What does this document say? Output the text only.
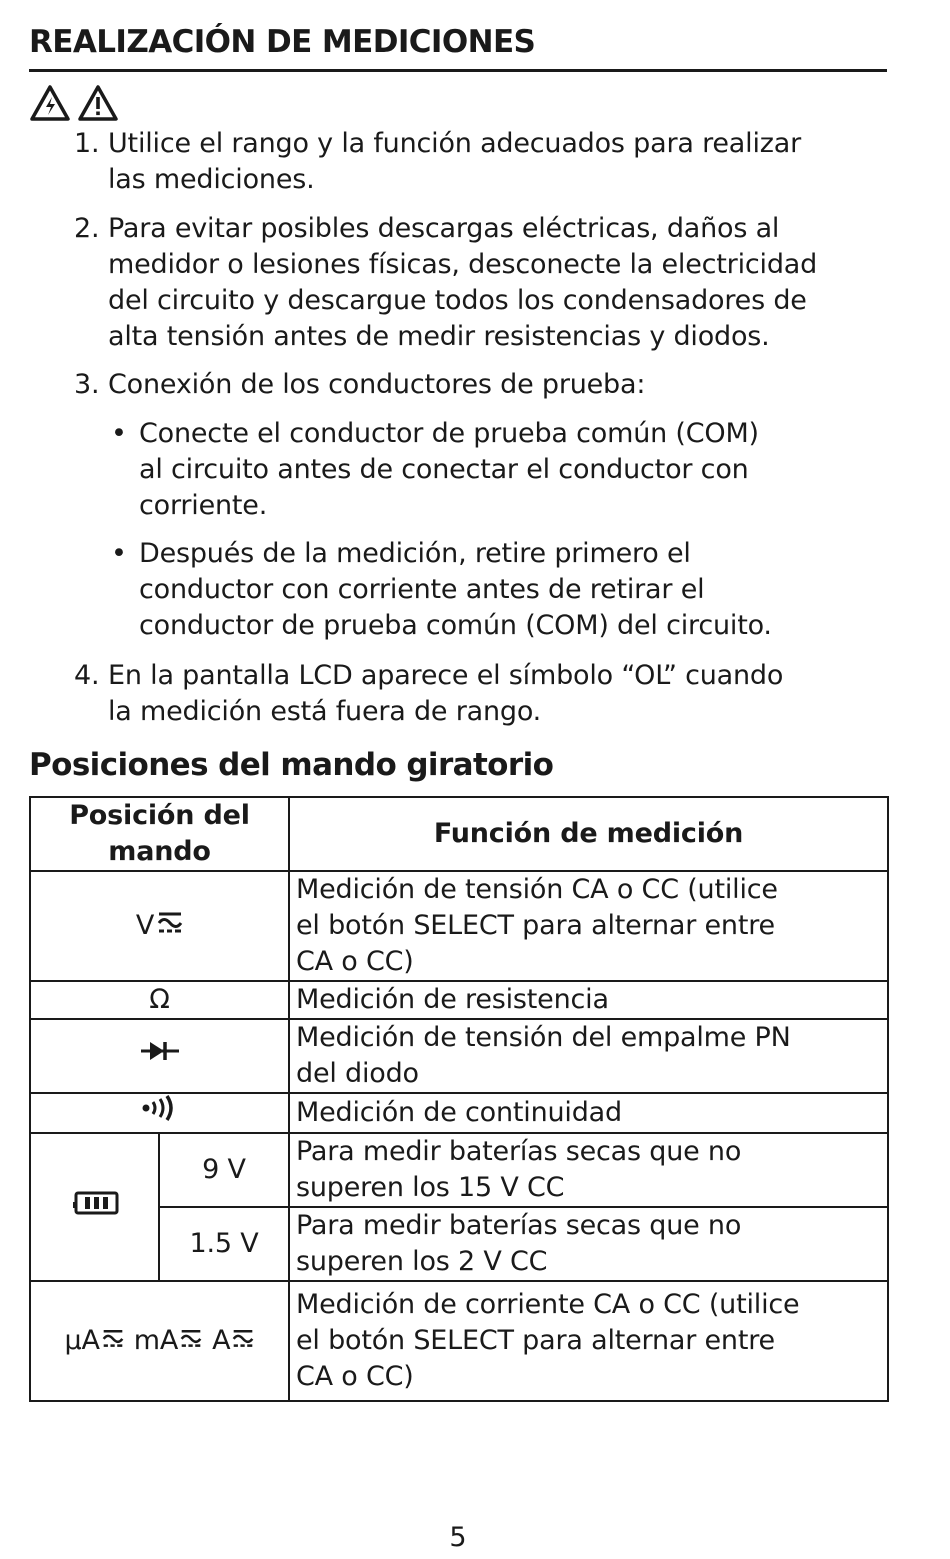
REALIZACIÓN DE MEDICIONES
1. Utilice el rango y la función adecuados para realizar
las mediciones.
2. Para evitar posibles descargas eléctricas, daños al
medidor o lesiones físicas, desconecte la electricidad
del circuito y descargue todos los condensadores de
alta tensión antes de medir resistencias y diodos.
3. Conexión de los conductores de prueba:
• Conecte el conductor de prueba común (COM)
al circuito antes de conectar el conductor con
corriente.
• Después de la medición, retire primero el
conductor con corriente antes de retirar el
conductor de prueba común (COM) del circuito.
4. En la pantalla LCD aparece el símbolo “OL” cuando
la medición está fuera de rango.
Posiciones del mando giratorio
Posición del
mando		Función de medición

V		Medición de tensión CA o CC (utilice
el botón SELECT para alternar entre
CA o CC)
Ω		Medición de resistencia
	Medición de tensión del empalme PN
del diodo
	Medición de continuidad
	9 V	Para medir baterías secas que no
superen los 15 V CC
	1.5 V	Para medir baterías secas que no
superen los 2 V CC

μA mA A		Medición de corriente CA o CC (utilice
el botón SELECT para alternar entre
CA o CC)
5
